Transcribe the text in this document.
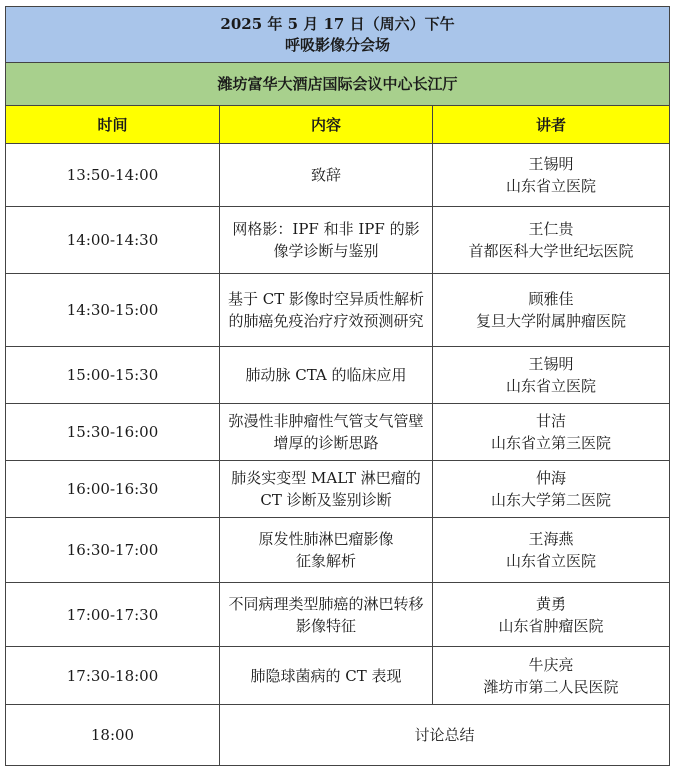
2025 年 5 月 17 日（周六）下午
呼吸影像分会场		

潍坊富华大酒店国际会议中心长江厅		
时间	内容	讲者
13:50-14:00	致辞	王锡明
山东省立医院

14:00-14:30	网格影：IPF 和非 IPF 的影像学诊断与鉴别	王仁贵
首都医科大学世纪坛医院

14:30-15:00	基于 CT 影像时空异质性解析的肺癌免疫治疗疗效预测研究	顾雅佳
复旦大学附属肿瘤医院

15:00-15:30	肺动脉 CTA 的临床应用	王锡明
山东省立医院

15:30-16:00	弥漫性非肿瘤性气管支气管壁增厚的诊断思路	甘洁
山东省立第三医院

16:00-16:30	肺炎实变型 MALT 淋巴瘤的 CT 诊断及鉴别诊断	仲海
山东大学第二医院

16:30-17:00	原发性肺淋巴瘤影像征象解析	王海燕
山东省立医院

17:00-17:30	不同病理类型肺癌的淋巴转移影像特征	黄勇
山东省肿瘤医院

17:30-18:00	肺隐球菌病的 CT 表现	牛庆亮
潍坊市第二人民医院

18:00	讨论总结	
